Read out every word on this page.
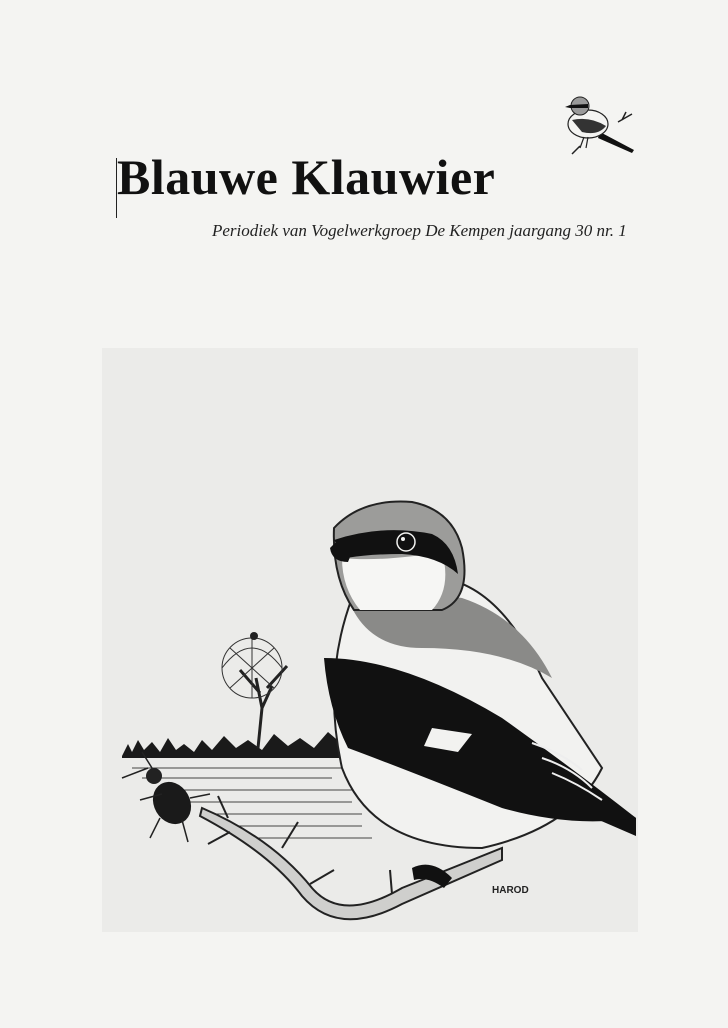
Blauwe Klauwier
Periodiek van Vogelwerkgroep De Kempen jaargang 30 nr. 1
HAROD
